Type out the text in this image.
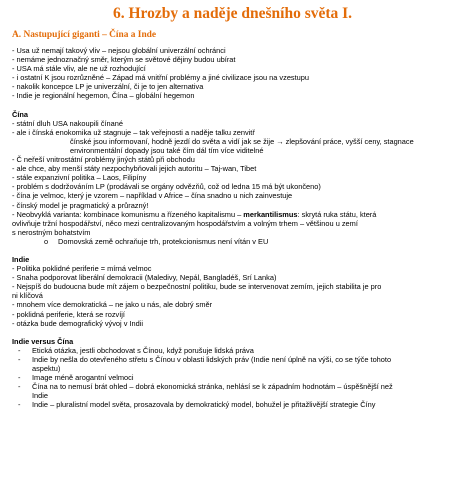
6. Hrozby a naděje dnešního světa I.
A. Nastupující giganti – Čína a Inde
- Usa už nemají takový vliv – nejsou globální univerzální ochránci
- nemáme jednoznačný směr, kterým se světové dějiny budou ubírat
- USA má stále vliv, ale ne už rozhodující
- i ostatní K jsou rozrůzněné – Západ má vnitřní problémy a jiné civilizace jsou na vzestupu
- nakolik koncepce LP je univerzální, či je to jen alternativa
- Indie je regionální hegemon, Čína – globální hegemon
Čína
- státní dluh USA nakoupili čínané
- ale i čínská enokomika už stagnuje – tak veřejnosti a naděje talku zenvitř
čínské jsou informovaní, hodně jezdí do světa a vidí jak se žije → zlepšování práce, vyšší ceny, stagnace
environmentální dopady jsou také čím dál tím více viditelné
- Č neřeší vnitrostátní problémy jiných států při obchodu
- ale chce, aby menší státy nezpochybňovali jejich autoritu – Taj-wan, Tibet
- stále expanzivní politika – Laos, Filipíny
- problém s dodržováním LP (prodávali se orgány odvězňů, což od ledna 15 má být ukončeno)
- čína je velmoc, který je vzorem – například v Africe – čína snadno u nich zainvestuje
- čínský model je pragmatický a průrazný!
- Neobvyklá varianta: kombinace komunismu a řízeného kapitalismu – merkantilismus: skrytá ruka státu, která
ovlivňuje tržní hospodářství, něco mezi centralizovaným hospodářstvím a volným trhem – většinou u zemí
s nerostným bohatstvím
o	Domovská země ochraňuje trh, protekcionismus není vítán v EU
Indie
- Politika poklidné periferie = mírná velmoc
- Snaha podporovat liberální demokracii (Maledivy, Nepál, Bangladéš, Srí Lanka)
- Nejspíš do budoucna bude mít zájem o bezpečnostní politiku, bude se intervenovat zemím, jejich stabilita je pro
ni klíčová
- mnohem více demokratická – ne jako u nás, ale dobrý směr
- poklidná periferie, která se rozvíjí
- otázka bude demografický vývoj v Indii
Indie versus Čína
-	Etická otázka, jestli obchodovat s Čínou, když porušuje lidská práva
-	Indie by nešla do otevřeného střetu s Čínou v oblasti lidských práv (Indie není úplně na výši, co se týče tohoto
aspektu)
-	Image méně arogantní velmoci
-	Čína na to nemusí brát ohled – dobrá ekonomická stránka, nehlásí se k západním hodnotám – úspěšnější než
Indie
-	Indie – pluralistní model světa, prosazovala by demokratický model, bohužel je přitažlivější strategie Číny
